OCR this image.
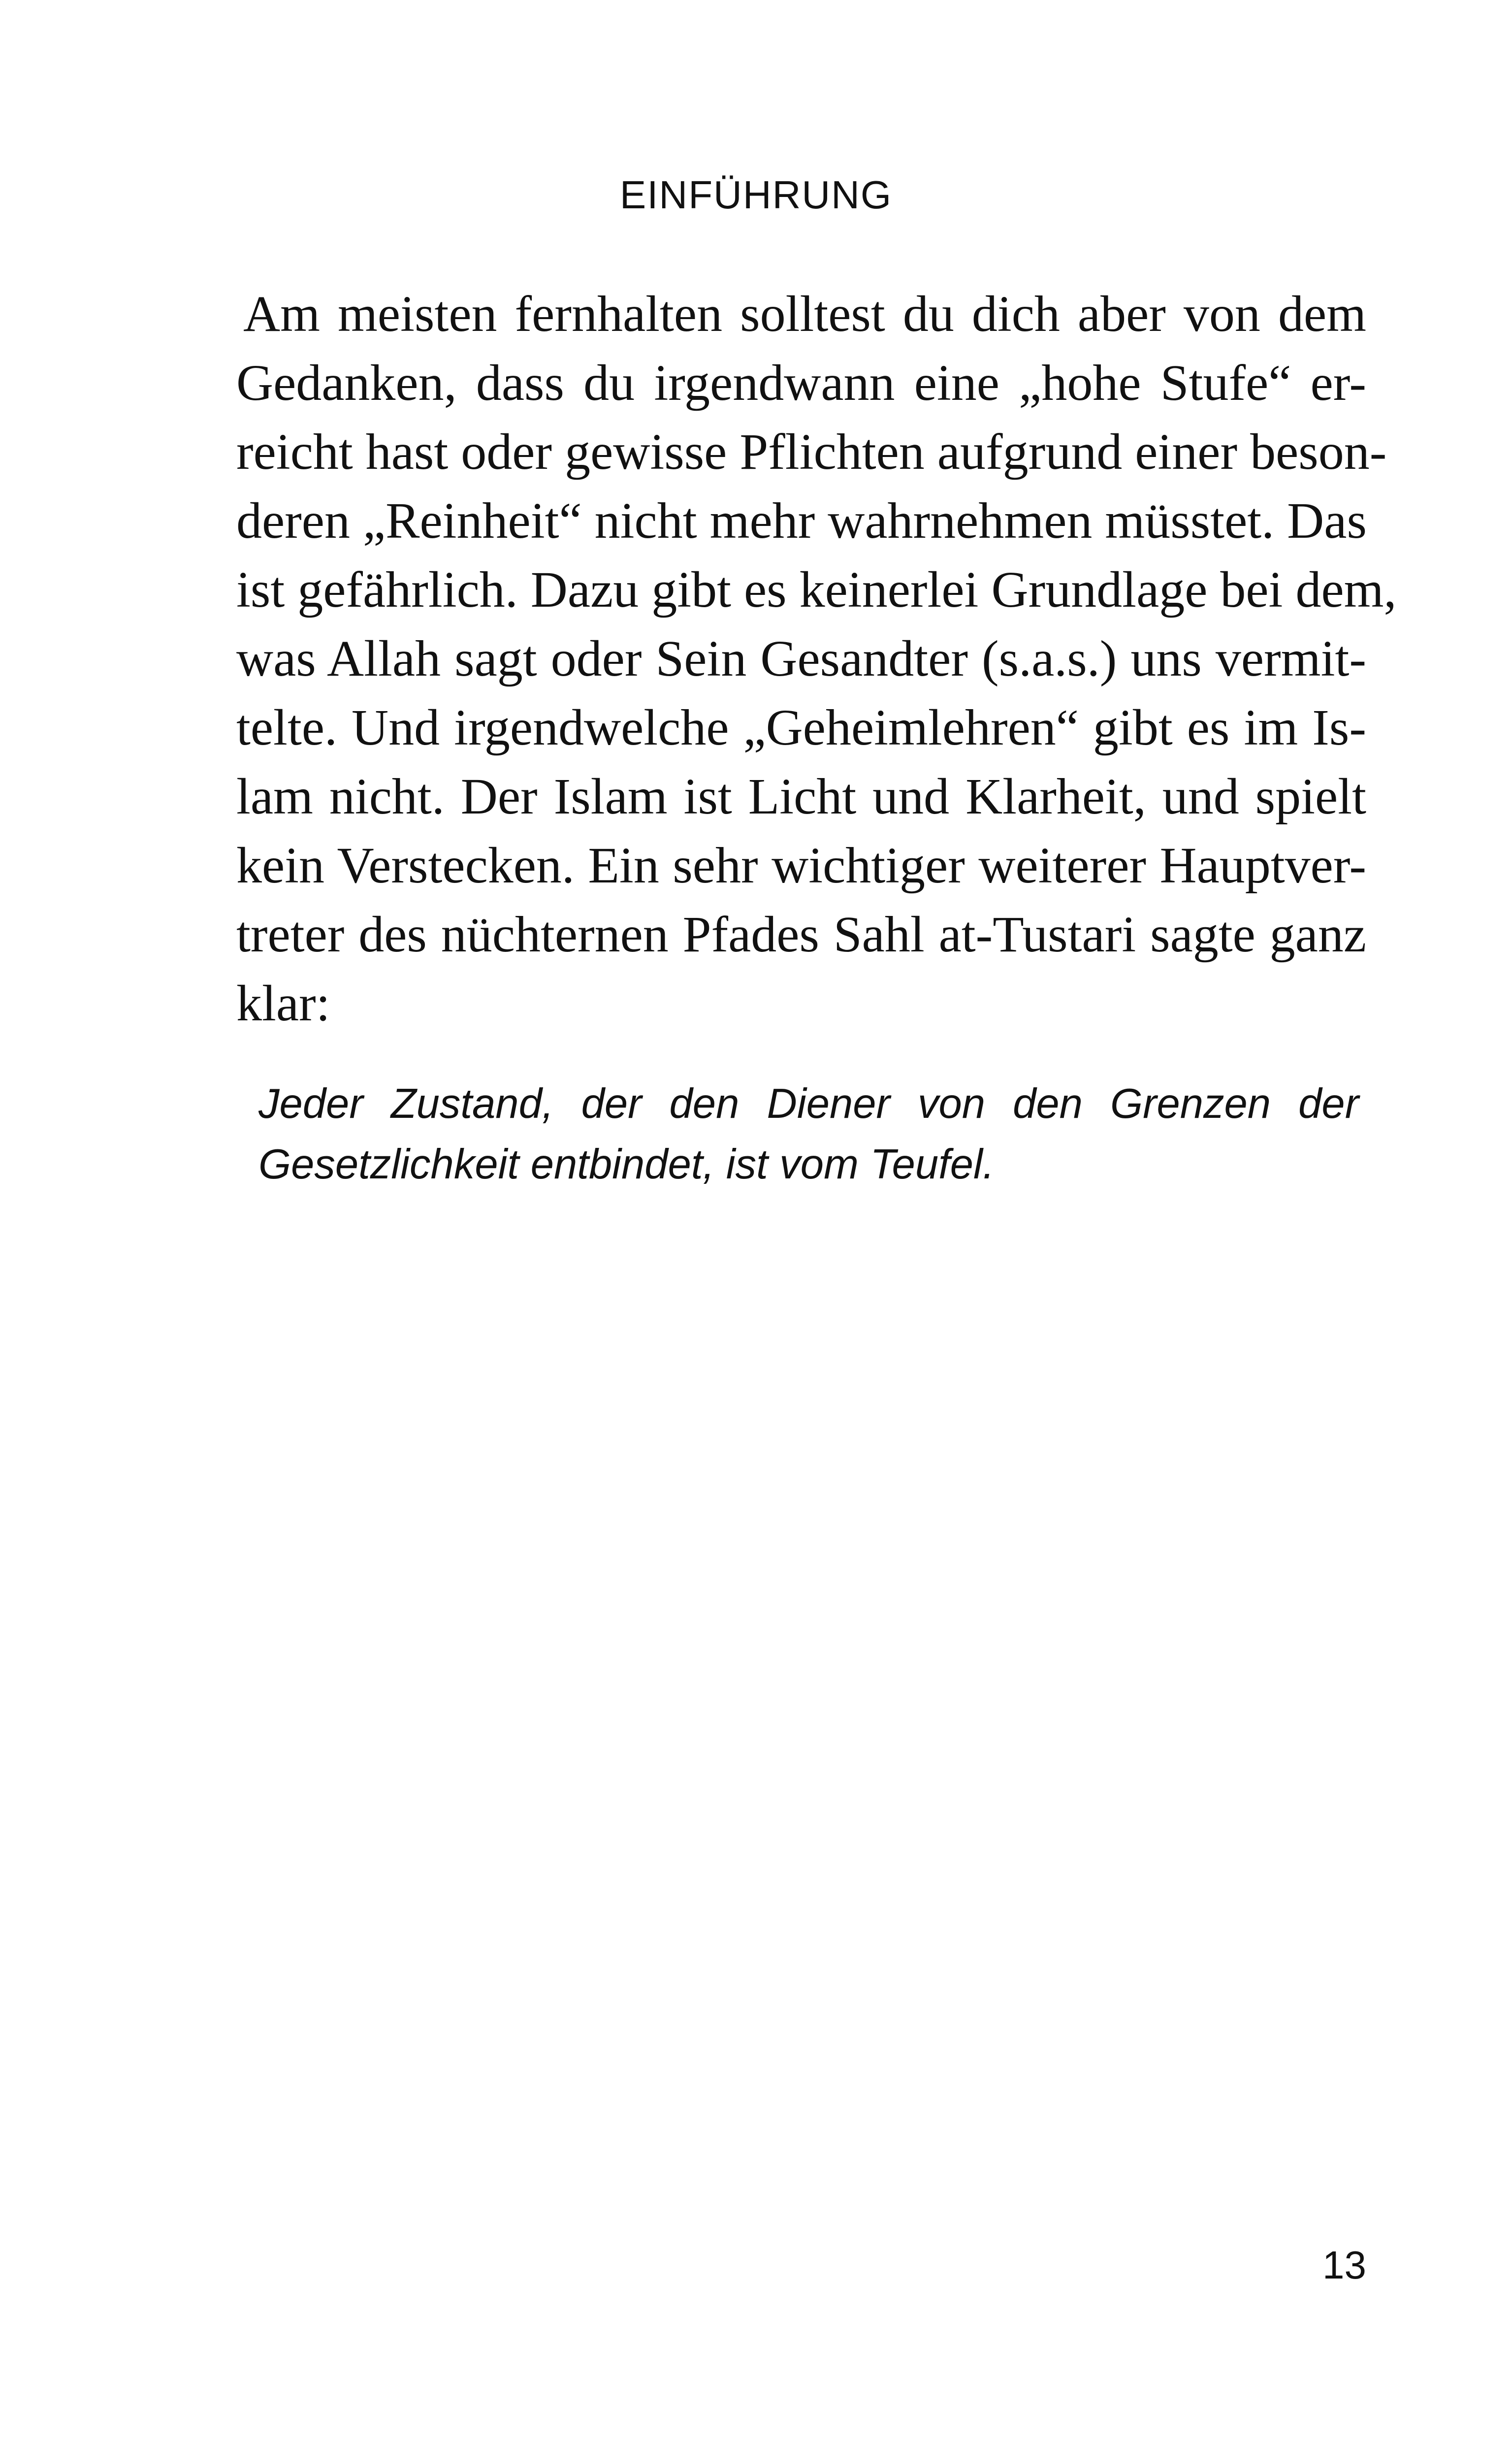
EINFÜHRUNG
Am meisten fernhalten solltest du dich aber von dem
Gedanken, dass du irgendwann eine „hohe Stufe“ er-
reicht hast oder gewisse Pflichten aufgrund einer beson-
deren „Reinheit“ nicht mehr wahrnehmen müsstet. Das
ist gefährlich. Dazu gibt es keinerlei Grundlage bei dem,
was Allah sagt oder Sein Gesandter (s.a.s.) uns vermit-
telte. Und irgendwelche „Geheimlehren“ gibt es im Is-
lam nicht. Der Islam ist Licht und Klarheit, und spielt
kein Verstecken. Ein sehr wichtiger weiterer Hauptver-
treter des nüchternen Pfades Sahl at-Tustari sagte ganz
klar:
Jeder Zustand, der den Diener von den Grenzen der
Gesetzlichkeit entbindet, ist vom Teufel.
13
